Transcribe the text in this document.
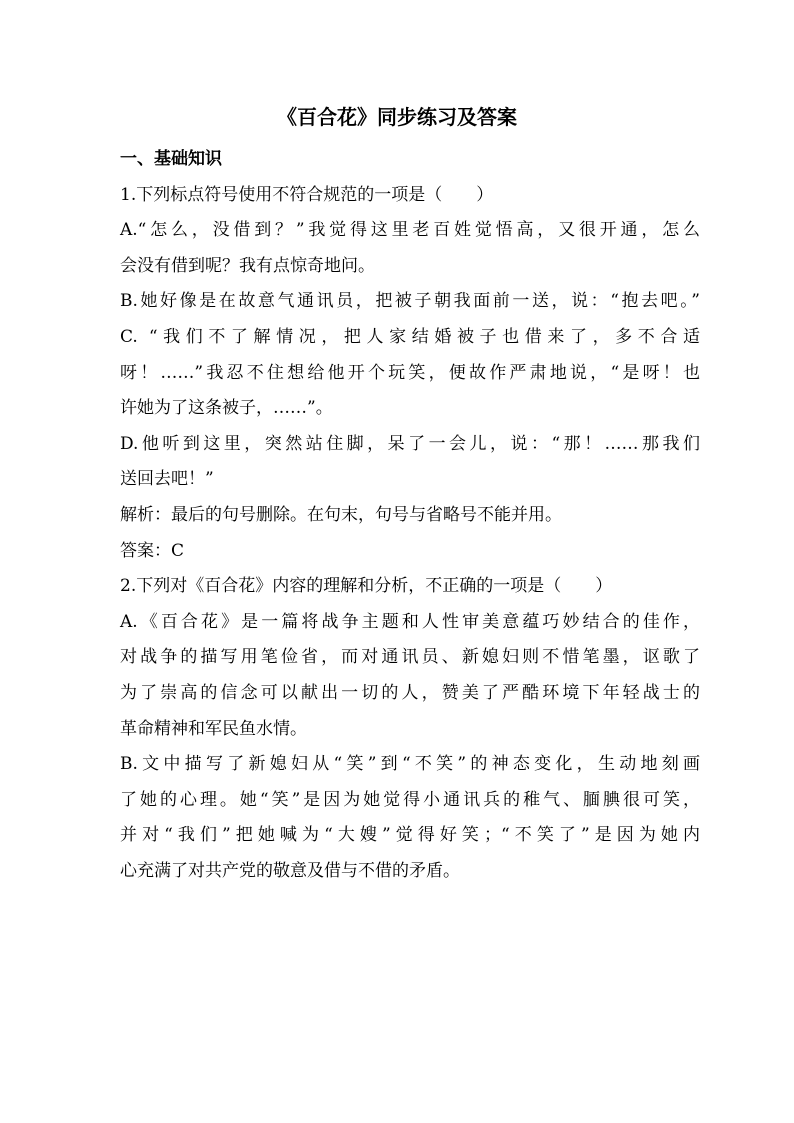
《百合花》同步练习及答案
一、基础知识
1.下列标点符号使用不符合规范的一项是（　　）
A.“怎么，没借到？”我觉得这里老百姓觉悟高，又很开通，怎么
会没有借到呢？我有点惊奇地问。
B.她好像是在故意气通讯员，把被子朝我面前一送，说：“抱去吧。”
C. “我们不了解情况，把人家结婚被子也借来了，多不合适
呀！……”我忍不住想给他开个玩笑，便故作严肃地说，“是呀！也
许她为了这条被子，……”。
D.他听到这里，突然站住脚，呆了一会儿，说：“那！……那我们
送回去吧！”
解析：最后的句号删除。在句末，句号与省略号不能并用。
答案：C
2.下列对《百合花》内容的理解和分析，不正确的一项是（　　）
A.《百合花》是一篇将战争主题和人性审美意蕴巧妙结合的佳作，
对战争的描写用笔俭省，而对通讯员、新媳妇则不惜笔墨，讴歌了
为了崇高的信念可以献出一切的人，赞美了严酷环境下年轻战士的
革命精神和军民鱼水情。
B.文中描写了新媳妇从“笑”到“不笑”的神态变化，生动地刻画
了她的心理。她“笑”是因为她觉得小通讯兵的稚气、腼腆很可笑，
并对“我们”把她喊为“大嫂”觉得好笑；“不笑了”是因为她内
心充满了对共产党的敬意及借与不借的矛盾。
